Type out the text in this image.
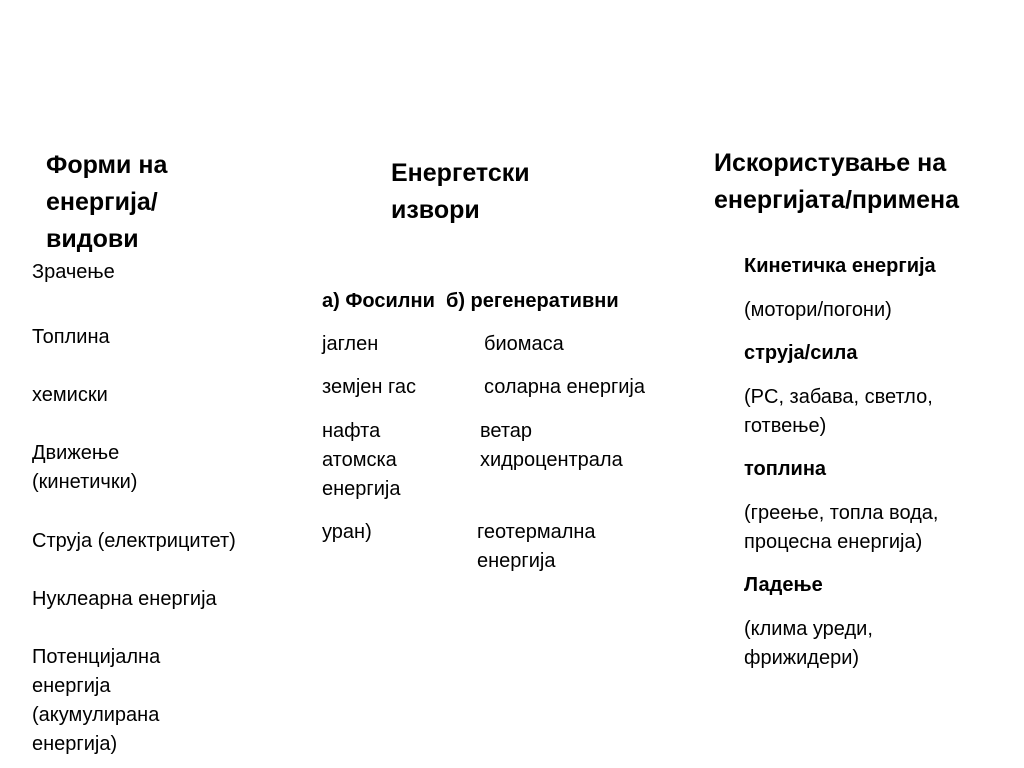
Форми на
енергија/
видови
Зрачење
Топлина
хемиски
Движење
(кинетички)
Струја (електрицитет)
Нуклеарна енергија
Потенцијална
енергија
(акумулирана
енергија)
Енергетски
извори
а) Фосилни  б) регенеративни
јаглен
земјен гас
нафта
атомска
енергија
уран)
биомаса
соларна енергија
ветар
хидроцентрала
геотермална
енергија
Искористување на
енергијата/примена
Кинетичка енергија
(мотори/погони)
струја/сила
(PC, забава, светло,
готвење)
топлина
(греење, топла вода,
процесна енергија)
Ладење
(клима уреди,
фрижидери)
